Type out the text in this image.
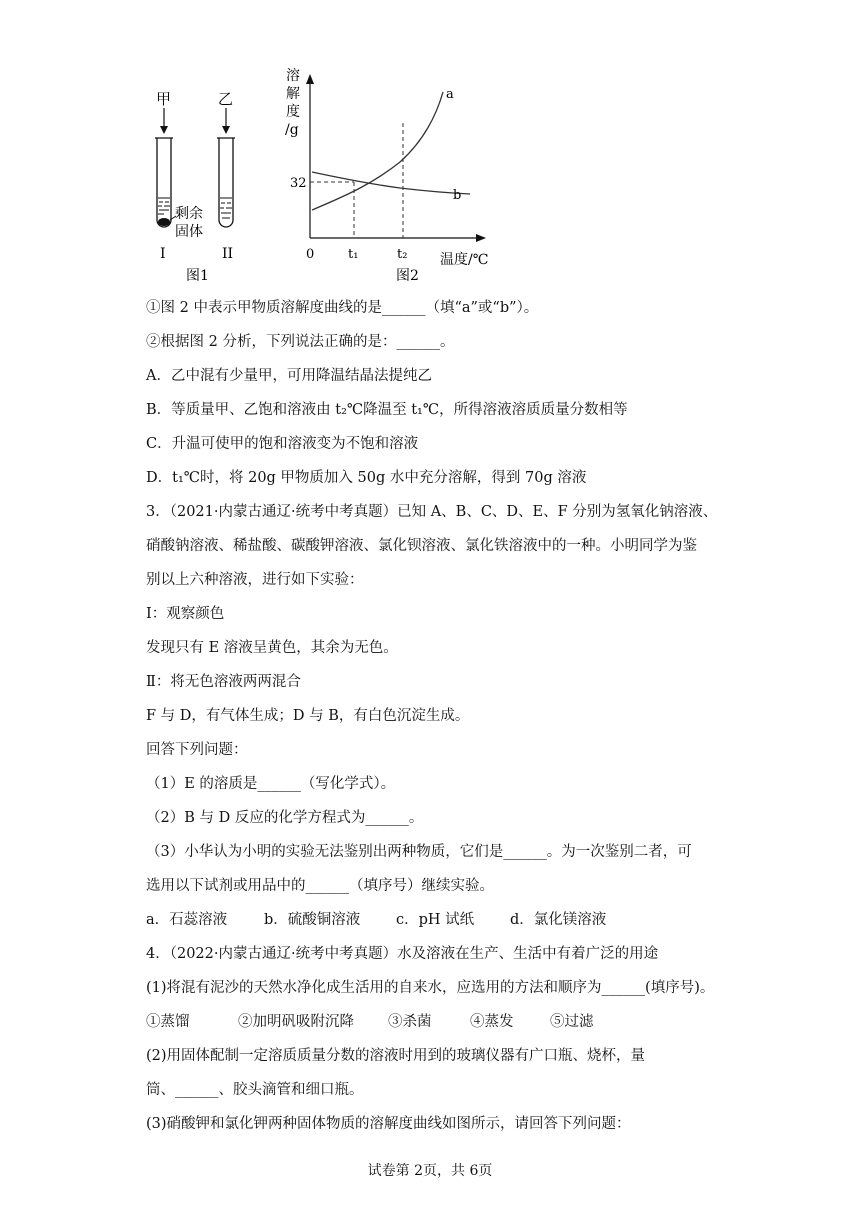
甲	乙
剩余
固体
I	II
图1
溶
解
度
/g
32
0	t₁	t₂
a
b
温度/℃
图2
①图 2 中表示甲物质溶解度曲线的是______（填“a”或“b”）。
②根据图 2 分析，下列说法正确的是：______。
A．乙中混有少量甲，可用降温结晶法提纯乙
B．等质量甲、乙饱和溶液由 t₂℃降温至 t₁℃，所得溶液溶质质量分数相等
C．升温可使甲的饱和溶液变为不饱和溶液
D．t₁℃时，将 20g 甲物质加入 50g 水中充分溶解，得到 70g 溶液
3．（2021·内蒙古通辽·统考中考真题）已知 A、B、C、D、E、F 分别为氢氧化钠溶液、
硝酸钠溶液、稀盐酸、碳酸钾溶液、氯化钡溶液、氯化铁溶液中的一种。小明同学为鉴
别以上六种溶液，进行如下实验：
Ⅰ：观察颜色
发现只有 E 溶液呈黄色，其余为无色。
Ⅱ：将无色溶液两两混合
F 与 D，有气体生成；D 与 B，有白色沉淀生成。
回答下列问题：
（1）E 的溶质是______（写化学式）。
（2）B 与 D 反应的化学方程式为______。
（3）小华认为小明的实验无法鉴别出两种物质，它们是______。为一次鉴别二者，可
选用以下试剂或用品中的______（填序号）继续实验。
a．石蕊溶液	b．硫酸铜溶液 c．pH 试纸 d．氯化镁溶液
4．（2022·内蒙古通辽·统考中考真题）水及溶液在生产、生活中有着广泛的用途
(1)将混有泥沙的天然水净化成生活用的自来水，应选用的方法和顺序为______(填序号)。
①蒸馏	②加明矾吸附沉降 ③杀菌	④蒸发	⑤过滤
(2)用固体配制一定溶质质量分数的溶液时用到的玻璃仪器有广口瓶、烧杯，量
筒、______、胶头滴管和细口瓶。
(3)硝酸钾和氯化钾两种固体物质的溶解度曲线如图所示，请回答下列问题：
试卷第 2页，共 6页
